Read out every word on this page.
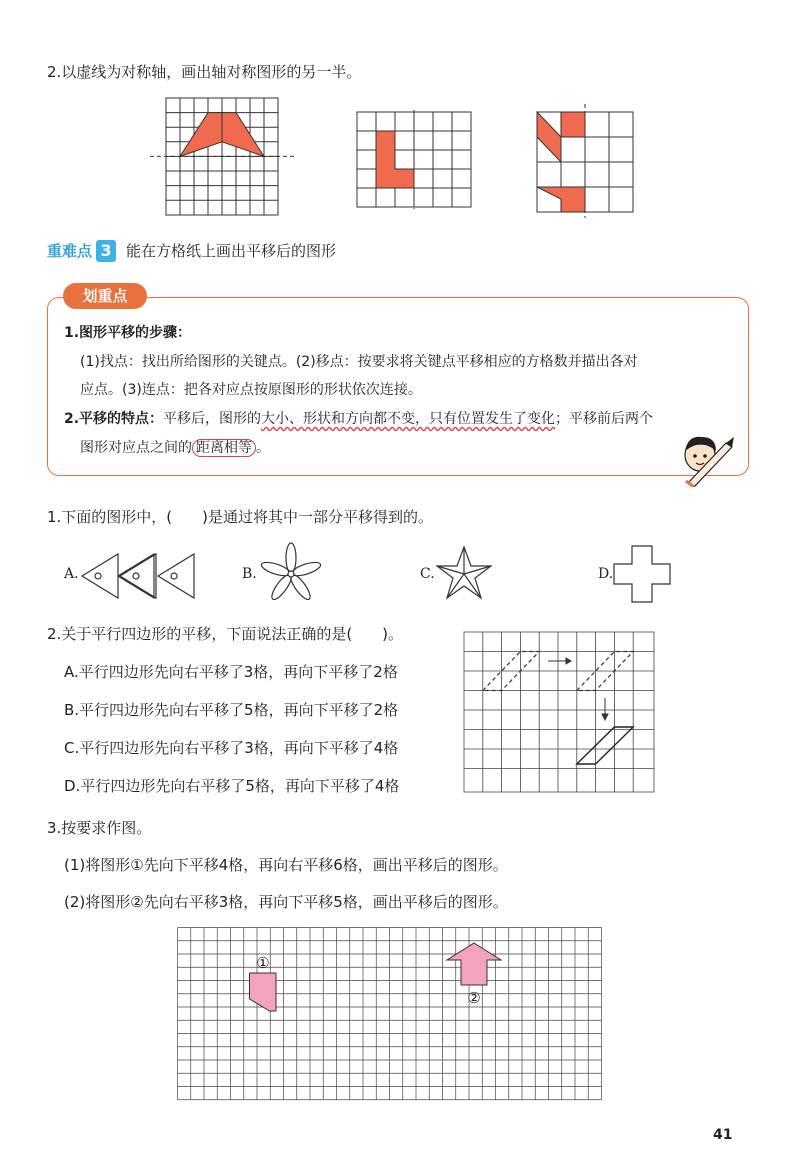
2.以虚线为对称轴，画出轴对称图形的另一半。
重难点 3 能在方格纸上画出平移后的图形
划重点
1.图形平移的步骤：
(1)找点：找出所给图形的关键点。(2)移点：按要求将关键点平移相应的方格数并描出各对
应点。(3)连点：把各对应点按原图形的形状依次连接。
2.平移的特点：平移后，图形的大小、形状和方向都不变，只有位置发生了变化；平移前后两个
图形对应点之间的 距离相等 。
1.下面的图形中，(　　)是通过将其中一部分平移得到的。
A.	B.	C.	D.
2.关于平行四边形的平移，下面说法正确的是(　　)。
A.平行四边形先向右平移了3格，再向下平移了2格
B.平行四边形先向右平移了5格，再向下平移了2格
C.平行四边形先向右平移了3格，再向下平移了4格
D.平行四边形先向右平移了5格，再向下平移了4格
3.按要求作图。
(1)将图形①先向下平移4格，再向右平移6格，画出平移后的图形。
(2)将图形②先向右平移3格，再向下平移5格，画出平移后的图形。
①
②
41
